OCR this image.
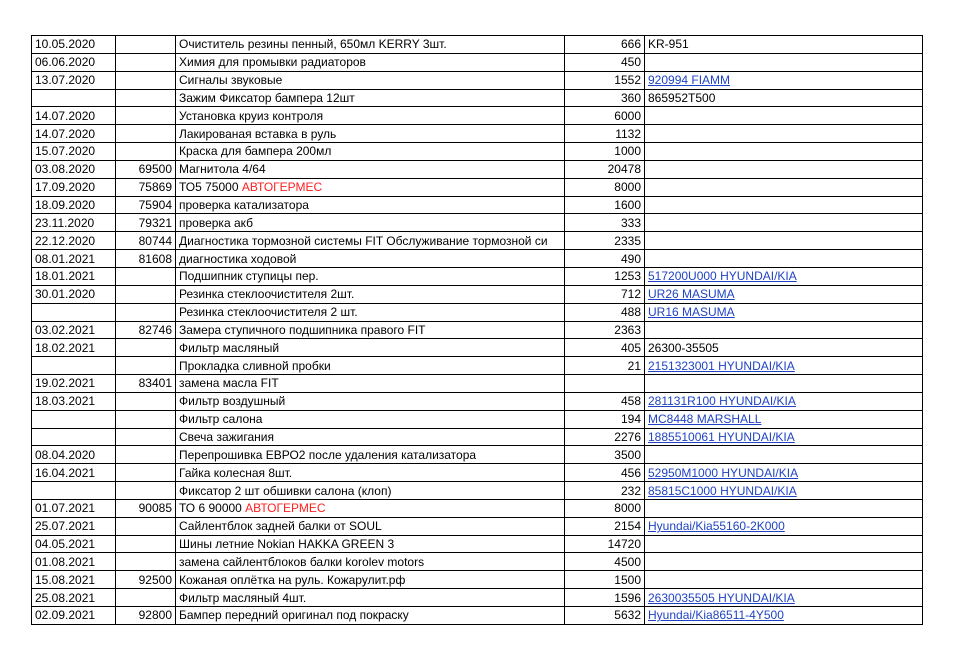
10.05.2020		Очиститель резины пенный, 650мл KERRY 3шт.	666	KR-951
06.06.2020		Химия для промывки радиаторов	450	
13.07.2020		Сигналы звуковые	1552	920994 FIAMM
		Зажим Фиксатор бампера 12шт	360	865952T500
14.07.2020		Установка круиз контроля	6000	
14.07.2020		Лакированая вставка в руль	1132	
15.07.2020		Краска для бампера 200мл	1000	
03.08.2020	69500	Магнитола 4/64	20478	
17.09.2020	75869	ТО5 75000 АВТОГЕРМЕС	8000	
18.09.2020	75904	проверка катализатора	1600	
23.11.2020	79321	проверка акб	333	
22.12.2020	80744	Диагностика тормозной системы FIT Обслуживание тормозной си	2335	
08.01.2021	81608	диагностика ходовой	490	
18.01.2021		Подшипник ступицы пер.	1253	517200U000 HYUNDAI/KIA
30.01.2020		Резинка стеклоочистителя 2шт.	712	UR26 MASUMA
		Резинка стеклоочистителя 2 шт.	488	UR16 MASUMA
03.02.2021	82746	Замера ступичного подшипника правого FIT	2363	
18.02.2021		Фильтр масляный	405	26300-35505
		Прокладка сливной пробки	21	2151323001 HYUNDAI/KIA
19.02.2021	83401	замена масла FIT		
18.03.2021		Фильтр воздушный	458	281131R100 HYUNDAI/KIA
		Фильтр салона	194	MC8448 MARSHALL
		Свеча зажигания	2276	1885510061 HYUNDAI/KIA
08.04.2020		Перепрошивка ЕВРО2 после удаления катализатора	3500	
16.04.2021		Гайка колесная 8шт.	456	52950M1000 HYUNDAI/KIA
		Фиксатор 2 шт обшивки салона (клоп)	232	85815C1000 HYUNDAI/KIA
01.07.2021	90085	ТО 6 90000 АВТОГЕРМЕС	8000	
25.07.2021		Сайлентблок задней балки от SOUL	2154	Hyundai/Kia55160-2K000
04.05.2021		Шины летние Nokian HAKKA GREEN 3	14720	
01.08.2021		замена сайлентблоков балки korolev motors	4500	
15.08.2021	92500	Кожаная оплётка на руль. Кожарулит.рф	1500	
25.08.2021		Фильтр масляный 4шт.	1596	2630035505 HYUNDAI/KIA
02.09.2021	92800	Бампер передний оригинал под покраску	5632	Hyundai/Kia86511-4Y500
